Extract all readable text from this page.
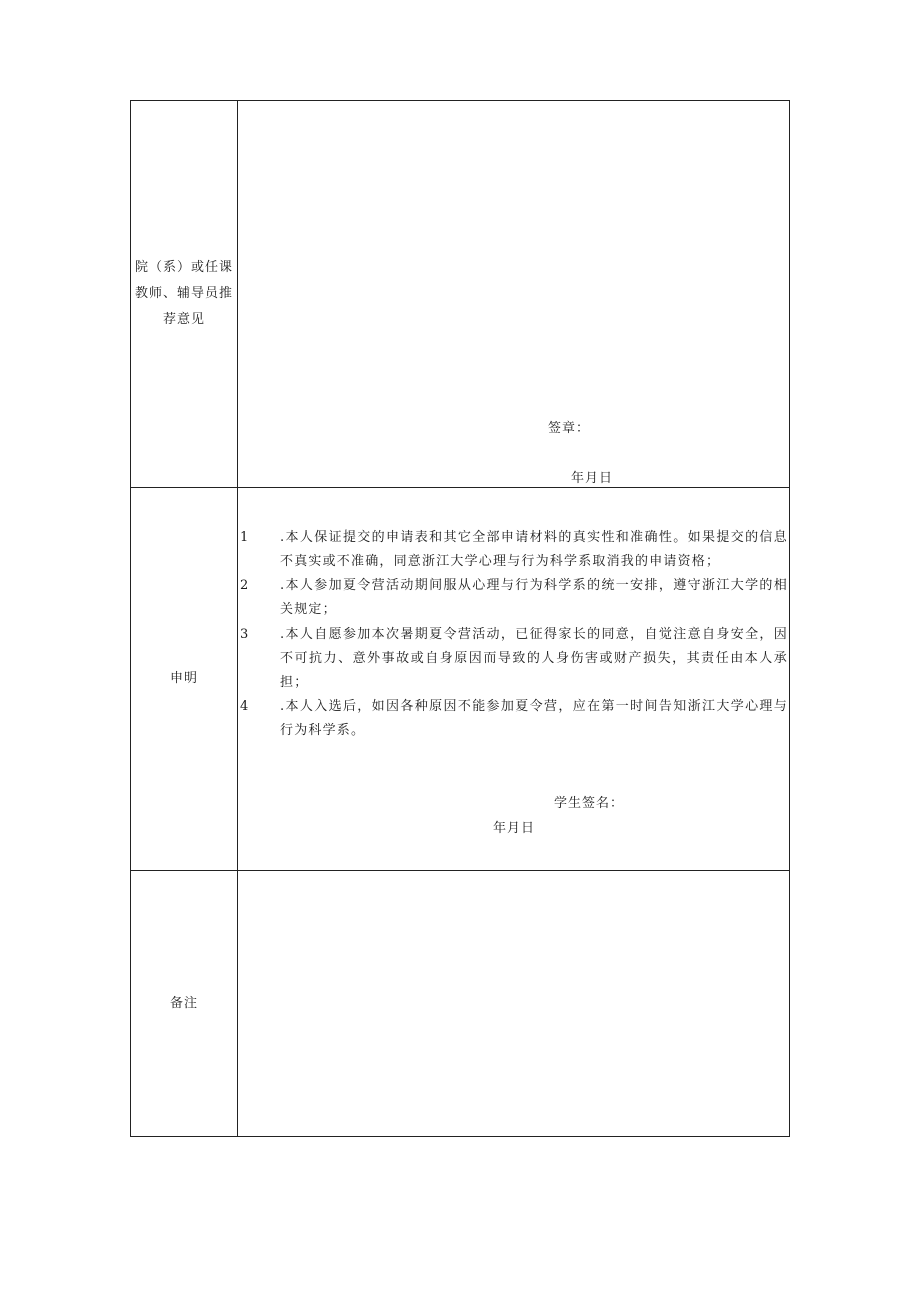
院（系）或任课教师、辅导员推荐意见
签章：
年月日
申明
1	.本人保证提交的申请表和其它全部申请材料的真实性和准确性。如果提交的信息不真实或不准确，同意浙江大学心理与行为科学系取消我的申请资格；
2	.本人参加夏令营活动期间服从心理与行为科学系的统一安排，遵守浙江大学的相关规定；
3	.本人自愿参加本次暑期夏令营活动，已征得家长的同意，自觉注意自身安全，因不可抗力、意外事故或自身原因而导致的人身伤害或财产损失，其责任由本人承担；
4	.本人入选后，如因各种原因不能参加夏令营，应在第一时间告知浙江大学心理与行为科学系。
学生签名：
年月日
备注
